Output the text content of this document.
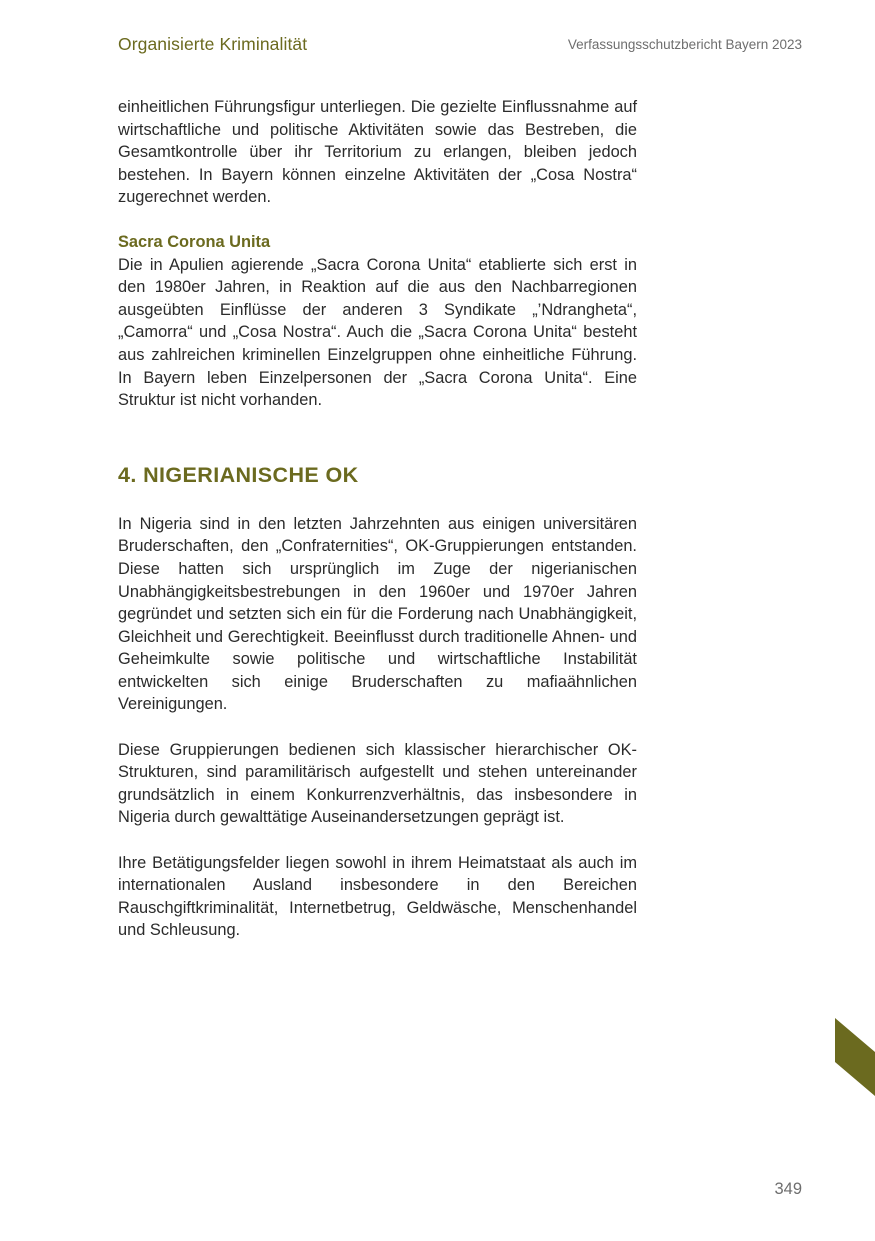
Organisierte Kriminalität	Verfassungsschutzbericht Bayern 2023

einheitlichen Führungsfigur unterliegen. Die gezielte Einflussnahme auf wirtschaftliche und politische Aktivitäten sowie das Bestreben, die Gesamtkontrolle über ihr Territorium zu erlangen, bleiben jedoch bestehen. In Bayern können einzelne Aktivitäten der „Cosa Nostra“ zugerechnet werden.

Sacra Corona Unita

Die in Apulien agierende „Sacra Corona Unita“ etablierte sich erst in den 1980er Jahren, in Reaktion auf die aus den Nachbarregionen ausgeübten Einflüsse der anderen 3 Syndikate „’Ndrangheta“, „Camorra“ und „Cosa Nostra“. Auch die „Sacra Corona Unita“ besteht aus zahlreichen kriminellen Einzelgruppen ohne einheitliche Führung. In Bayern leben Einzelpersonen der „Sacra Corona Unita“. Eine Struktur ist nicht vorhanden.

4. NIGERIANISCHE OK

In Nigeria sind in den letzten Jahrzehnten aus einigen universitären Bruderschaften, den „Confraternities“, OK-Gruppierungen entstanden. Diese hatten sich ursprünglich im Zuge der nigerianischen Unabhängigkeitsbestrebungen in den 1960er und 1970er Jahren gegründet und setzten sich ein für die Forderung nach Unabhängigkeit, Gleichheit und Gerechtigkeit. Beeinflusst durch traditionelle Ahnen- und Geheimkulte sowie politische und wirtschaftliche Instabilität entwickelten sich einige Bruderschaften zu mafiaähnlichen Vereinigungen.

Diese Gruppierungen bedienen sich klassischer hierarchischer OK-Strukturen, sind paramilitärisch aufgestellt und stehen untereinander grundsätzlich in einem Konkurrenzverhältnis, das insbesondere in Nigeria durch gewalttätige Auseinandersetzungen geprägt ist.

Ihre Betätigungsfelder liegen sowohl in ihrem Heimatstaat als auch im internationalen Ausland insbesondere in den Bereichen Rauschgiftkriminalität, Internetbetrug, Geldwäsche, Menschenhandel und Schleusung.

349
